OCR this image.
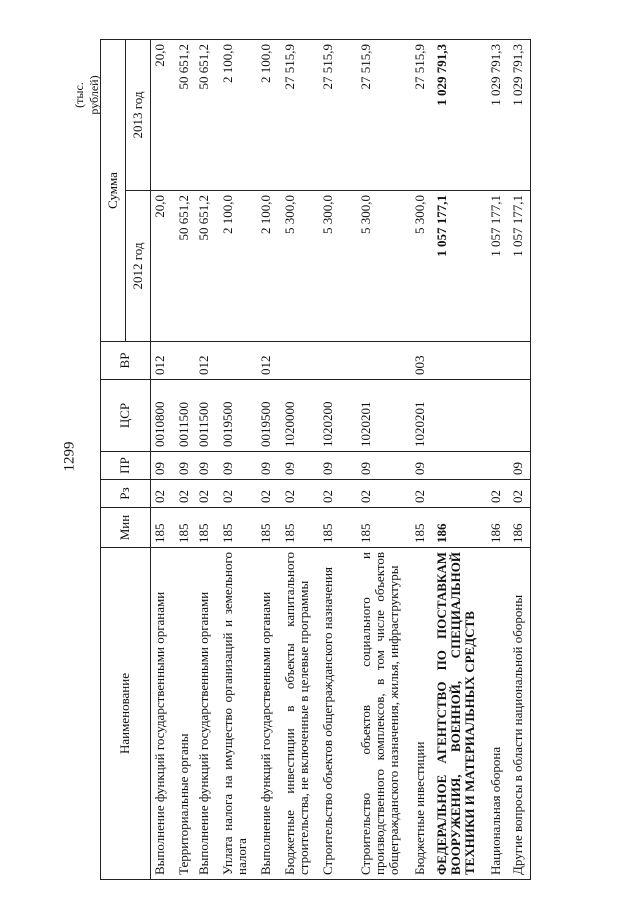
1299
(тыс. рублей)
Наименование	Мин	Рз	ПР	ЦСР	ВР	Сумма	
						2012 год	2013 год
Выполнение функций государственными органами	185	02	09	0010800	012	20,0	20,0
Территориальные органы	185	02	09	0011500		50 651,2	50 651,2
Выполнение функций государственными органами	185	02	09	0011500	012	50 651,2	50 651,2
Уплата налога на имущество организаций и земельного налога	185	02	09	0019500		2 100,0	2 100,0
Выполнение функций государственными органами	185	02	09	0019500	012	2 100,0	2 100,0
Бюджетные инвестиции в объекты капитального строительства, не включенные в целевые программы	185	02	09	1020000		5 300,0	27 515,9
Строительство объектов общегражданского назначения	185	02	09	1020200		5 300,0	27 515,9
Строительство объектов социального и производственного комплексов, в том числе объектов общегражданского назначения, жилья, инфраструктуры	185	02	09	1020201		5 300,0	27 515,9
Бюджетные инвестиции	185	02	09	1020201	003	5 300,0	27 515,9
ФЕДЕРАЛЬНОЕ АГЕНТСТВО ПО ПОСТАВКАМ ВООРУЖЕНИЯ, ВОЕННОЙ, СПЕЦИАЛЬНОЙ ТЕХНИКИ И МАТЕРИАЛЬНЫХ СРЕДСТВ	186					1 057 177,1	1 029 791,3
Национальная оборона	186	02				1 057 177,1	1 029 791,3
Другие вопросы в области национальной обороны	186	02	09			1 057 177,1	1 029 791,3
